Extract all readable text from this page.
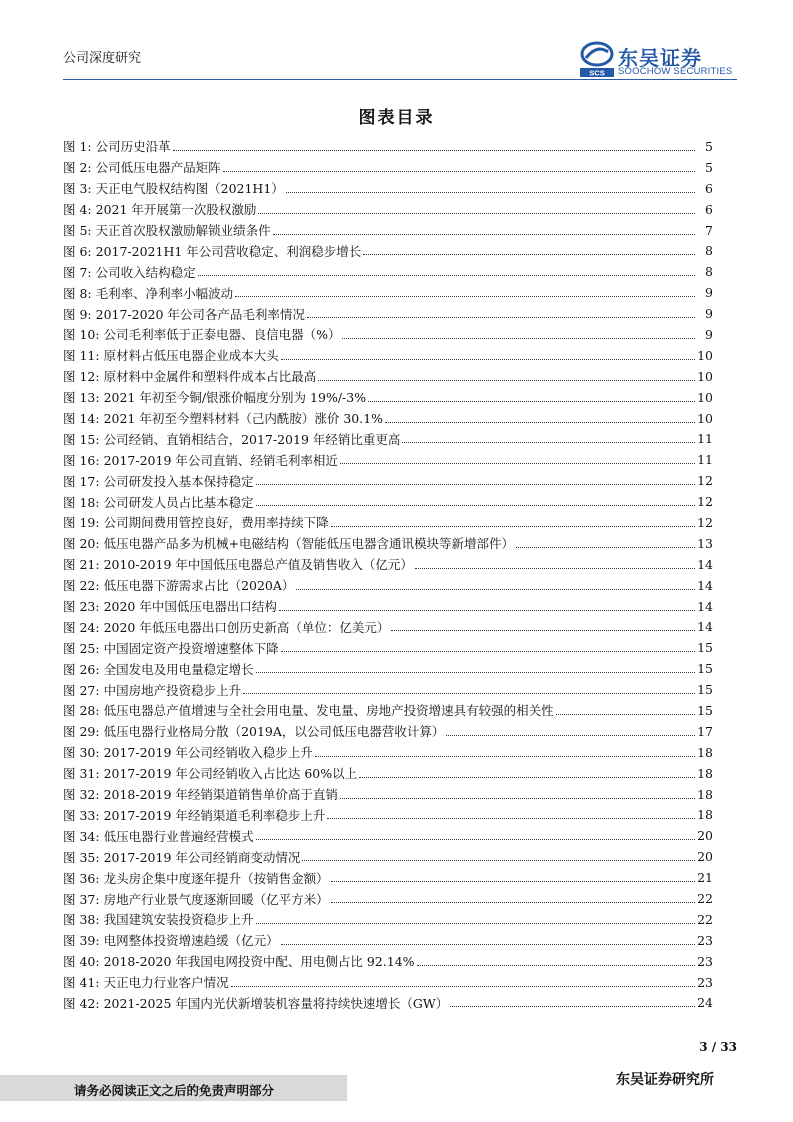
公司深度研究
SCS
东吴证券
SOOCHOW SECURITIES
图表目录
图 1: 公司历史沿革	5
图 2: 公司低压电器产品矩阵	5
图 3: 天正电气股权结构图（2021H1）	6
图 4: 2021 年开展第一次股权激励	6
图 5: 天正首次股权激励解锁业绩条件	7
图 6: 2017-2021H1 年公司营收稳定、利润稳步增长	8
图 7: 公司收入结构稳定	8
图 8: 毛利率、净利率小幅波动	9
图 9: 2017-2020 年公司各产品毛利率情况	9
图 10: 公司毛利率低于正泰电器、良信电器（%）	9
图 11: 原材料占低压电器企业成本大头	10
图 12: 原材料中金属件和塑料件成本占比最高	10
图 13: 2021 年初至今铜/银涨价幅度分别为 19%/-3%	10
图 14: 2021 年初至今塑料材料（己内酰胺）涨价 30.1%	10
图 15: 公司经销、直销相结合，2017-2019 年经销比重更高	11
图 16: 2017-2019 年公司直销、经销毛利率相近	11
图 17: 公司研发投入基本保持稳定	12
图 18: 公司研发人员占比基本稳定	12
图 19: 公司期间费用管控良好，费用率持续下降	12
图 20: 低压电器产品多为机械+电磁结构（智能低压电器含通讯模块等新增部件）	13
图 21: 2010-2019 年中国低压电器总产值及销售收入（亿元）	14
图 22: 低压电器下游需求占比（2020A）	14
图 23: 2020 年中国低压电器出口结构	14
图 24: 2020 年低压电器出口创历史新高（单位：亿美元）	14
图 25: 中国固定资产投资增速整体下降	15
图 26: 全国发电及用电量稳定增长	15
图 27: 中国房地产投资稳步上升	15
图 28: 低压电器总产值增速与全社会用电量、发电量、房地产投资增速具有较强的相关性	15
图 29: 低压电器行业格局分散（2019A，以公司低压电器营收计算）	17
图 30: 2017-2019 年公司经销收入稳步上升	18
图 31: 2017-2019 年公司经销收入占比达 60%以上	18
图 32: 2018-2019 年经销渠道销售单价高于直销	18
图 33: 2017-2019 年经销渠道毛利率稳步上升	18
图 34: 低压电器行业普遍经营模式	20
图 35: 2017-2019 年公司经销商变动情况	20
图 36: 龙头房企集中度逐年提升（按销售金额）	21
图 37: 房地产行业景气度逐渐回暖（亿平方米）	22
图 38: 我国建筑安装投资稳步上升	22
图 39: 电网整体投资增速趋缓（亿元）	23
图 40: 2018-2020 年我国电网投资中配、用电侧占比 92.14%	23
图 41: 天正电力行业客户情况	23
图 42: 2021-2025 年国内光伏新增装机容量将持续快速增长（GW）	24
3 / 33
请务必阅读正文之后的免责声明部分
东吴证券研究所
